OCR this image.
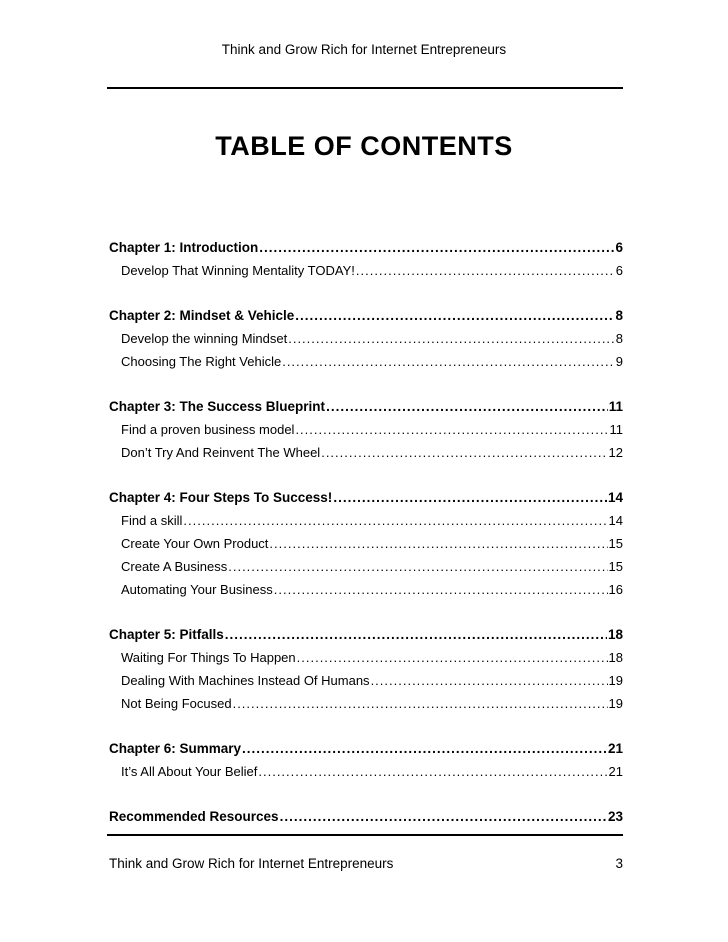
Think and Grow Rich for Internet Entrepreneurs
TABLE OF CONTENTS
Chapter 1: Introduction .....	6
Develop That Winning Mentality TODAY! .....	6
Chapter 2: Mindset & Vehicle .....	8
Develop the winning Mindset .....	8
Choosing The Right Vehicle .....	9
Chapter 3: The Success Blueprint .....	11
Find a proven business model .....	11
Don’t Try And Reinvent The Wheel .....	12
Chapter 4: Four Steps To Success! .....	14
Find a skill .....	14
Create Your Own Product .....	15
Create A Business .....	15
Automating Your Business .....	16
Chapter 5: Pitfalls .....	18
Waiting For Things To Happen .....	18
Dealing With Machines Instead Of Humans .....	19
Not Being Focused .....	19
Chapter 6: Summary .....	21
It’s All About Your Belief .....	21
Recommended Resources .....	23
Think and Grow Rich for Internet Entrepreneurs	3
